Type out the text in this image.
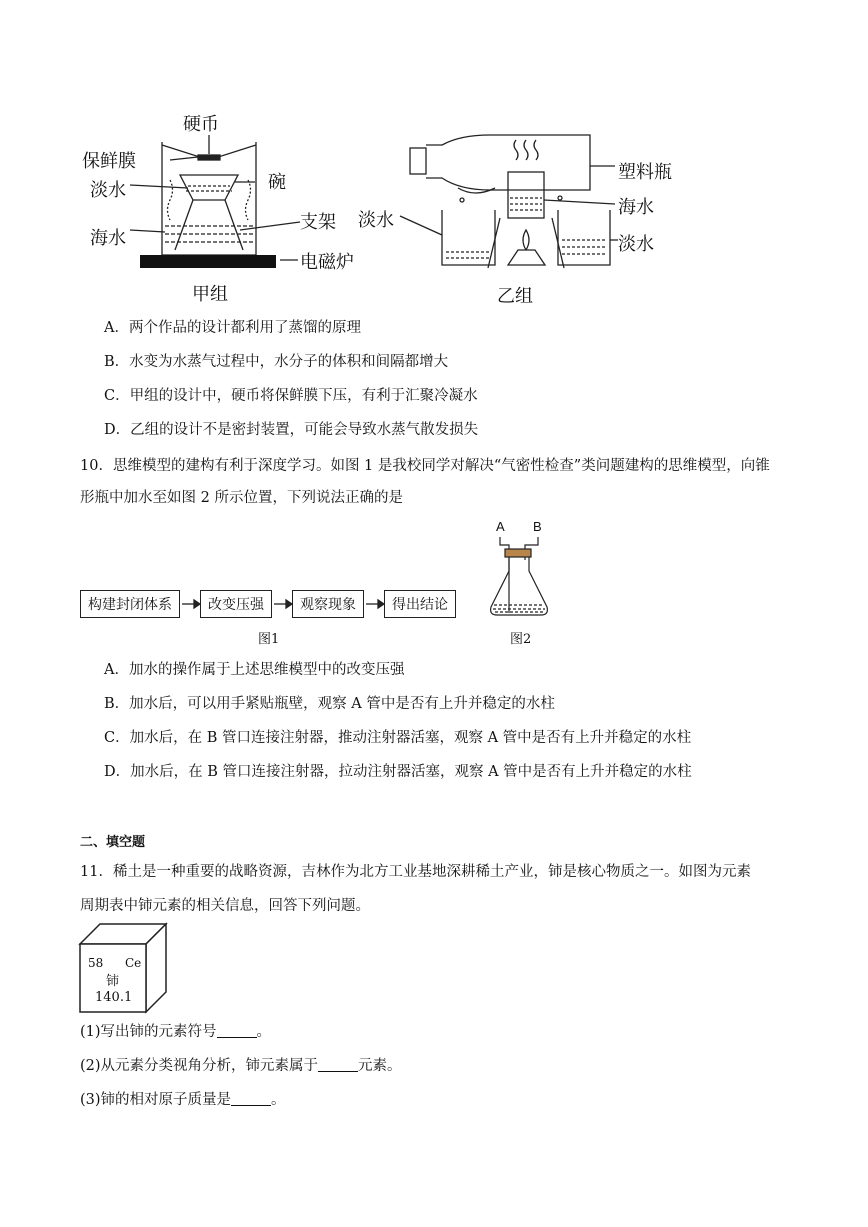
硬币
保鲜膜
淡水	碗
支架
海水
电磁炉
甲组
塑料瓶
海水
淡水
淡水
乙组
A．两个作品的设计都利用了蒸馏的原理
B．水变为水蒸气过程中，水分子的体积和间隔都增大
C．甲组的设计中，硬币将保鲜膜下压，有利于汇聚冷凝水
D．乙组的设计不是密封装置，可能会导致水蒸气散发损失
10．思维模型的建构有利于深度学习。如图 1 是我校同学对解决“气密性检查”类问题建构的思维模型，向锥
形瓶中加水至如图 2 所示位置，下列说法正确的是
构建封闭体系	改变压强	观察现象	得出结论
图1
A B
图2
A．加水的操作属于上述思维模型中的改变压强
B．加水后，可以用手紧贴瓶壁，观察 A 管中是否有上升并稳定的水柱
C．加水后，在 B 管口连接注射器，推动注射器活塞，观察 A 管中是否有上升并稳定的水柱
D．加水后，在 B 管口连接注射器，拉动注射器活塞，观察 A 管中是否有上升并稳定的水柱
二、填空题
11．稀土是一种重要的战略资源，吉林作为北方工业基地深耕稀土产业，铈是核心物质之一。如图为元素
周期表中铈元素的相关信息，回答下列问题。
58 Ce
铈
140.1
(1)写出铈的元素符号	。
(2)从元素分类视角分析，铈元素属于	元素。
(3)铈的相对原子质量是	。
